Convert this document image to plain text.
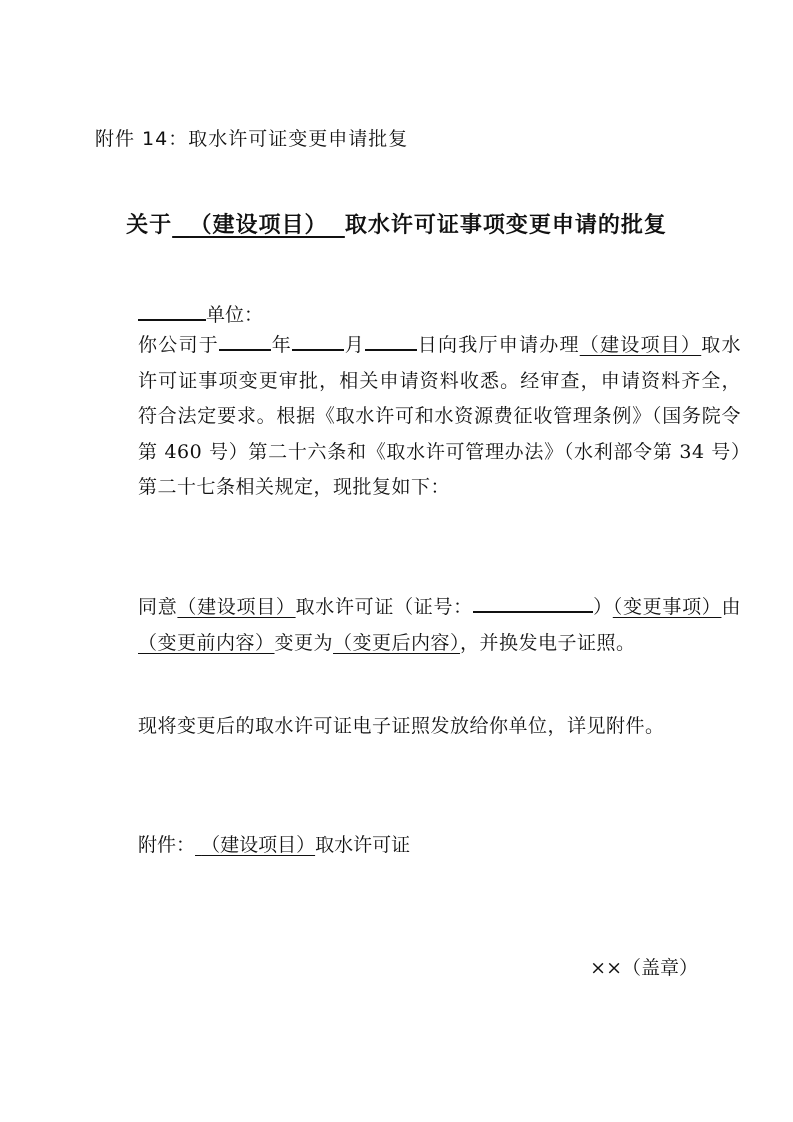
附件 14：取水许可证变更申请批复
关于 （建设项目） 取水许可证事项变更申请的批复
单位：
你公司于	年	月	日向我厅申请办理（建设项目）取水许可证事项变更审批，相关申请资料收悉。经审查，申请资料齐全，符合法定要求。根据《取水许可和水资源费征收管理条例》（国务院令第 460 号）第二十六条和《取水许可管理办法》（水利部令第 34 号）第二十七条相关规定，现批复如下：
同意（建设项目）取水许可证（证号：	）（变更事项）由（变更前内容）变更为（变更后内容），并换发电子证照。
现将变更后的取水许可证电子证照发放给你单位，详见附件。
附件： （建设项目）取水许可证
××（盖章）
